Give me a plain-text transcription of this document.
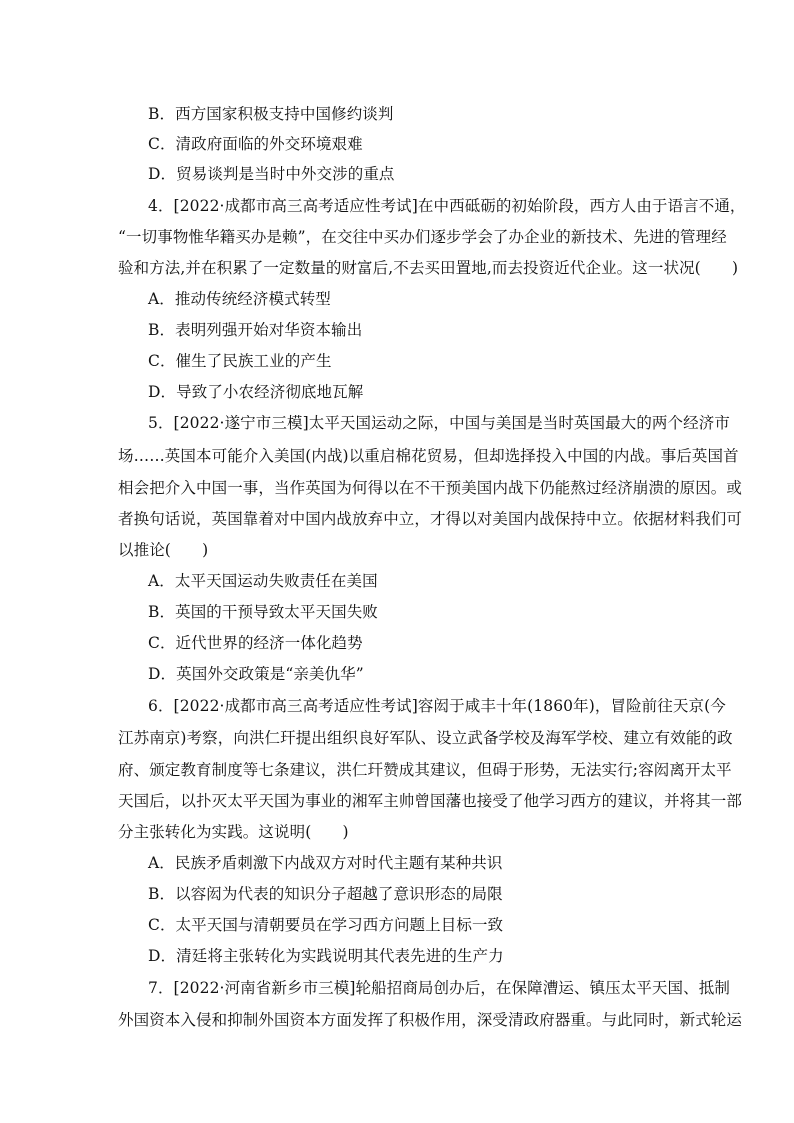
B．西方国家积极支持中国修约谈判
C．清政府面临的外交环境艰难
D．贸易谈判是当时中外交涉的重点
4．[2022·成都市高三高考适应性考试]在中西砥砺的初始阶段，西方人由于语言不通，
“一切事物惟华籍买办是赖”，在交往中买办们逐步学会了办企业的新技术、先进的管理经
验和方法,并在积累了一定数量的财富后,不去买田置地,而去投资近代企业。这一状况(　　)
A．推动传统经济模式转型
B．表明列强开始对华资本输出
C．催生了民族工业的产生
D．导致了小农经济彻底地瓦解
5．[2022·遂宁市三模]太平天国运动之际，中国与美国是当时英国最大的两个经济市
场……英国本可能介入美国(内战)以重启棉花贸易，但却选择投入中国的内战。事后英国首
相会把介入中国一事，当作英国为何得以在不干预美国内战下仍能熬过经济崩溃的原因。或
者换句话说，英国靠着对中国内战放弃中立，才得以对美国内战保持中立。依据材料我们可
以推论(　　)
A．太平天国运动失败责任在美国
B．英国的干预导致太平天国失败
C．近代世界的经济一体化趋势
D．英国外交政策是“亲美仇华”
6．[2022·成都市高三高考适应性考试]容闳于咸丰十年(1860年)，冒险前往天京(今
江苏南京)考察，向洪仁玕提出组织良好军队、设立武备学校及海军学校、建立有效能的政
府、颁定教育制度等七条建议，洪仁玕赞成其建议，但碍于形势，无法实行;容闳离开太平
天国后，以扑灭太平天国为事业的湘军主帅曾国藩也接受了他学习西方的建议，并将其一部
分主张转化为实践。这说明(　　)
A．民族矛盾刺激下内战双方对时代主题有某种共识
B．以容闳为代表的知识分子超越了意识形态的局限
C．太平天国与清朝要员在学习西方问题上目标一致
D．清廷将主张转化为实践说明其代表先进的生产力
7．[2022·河南省新乡市三模]轮船招商局创办后，在保障漕运、镇压太平天国、抵制
外国资本入侵和抑制外国资本方面发挥了积极作用，深受清政府器重。与此同时，新式轮运
